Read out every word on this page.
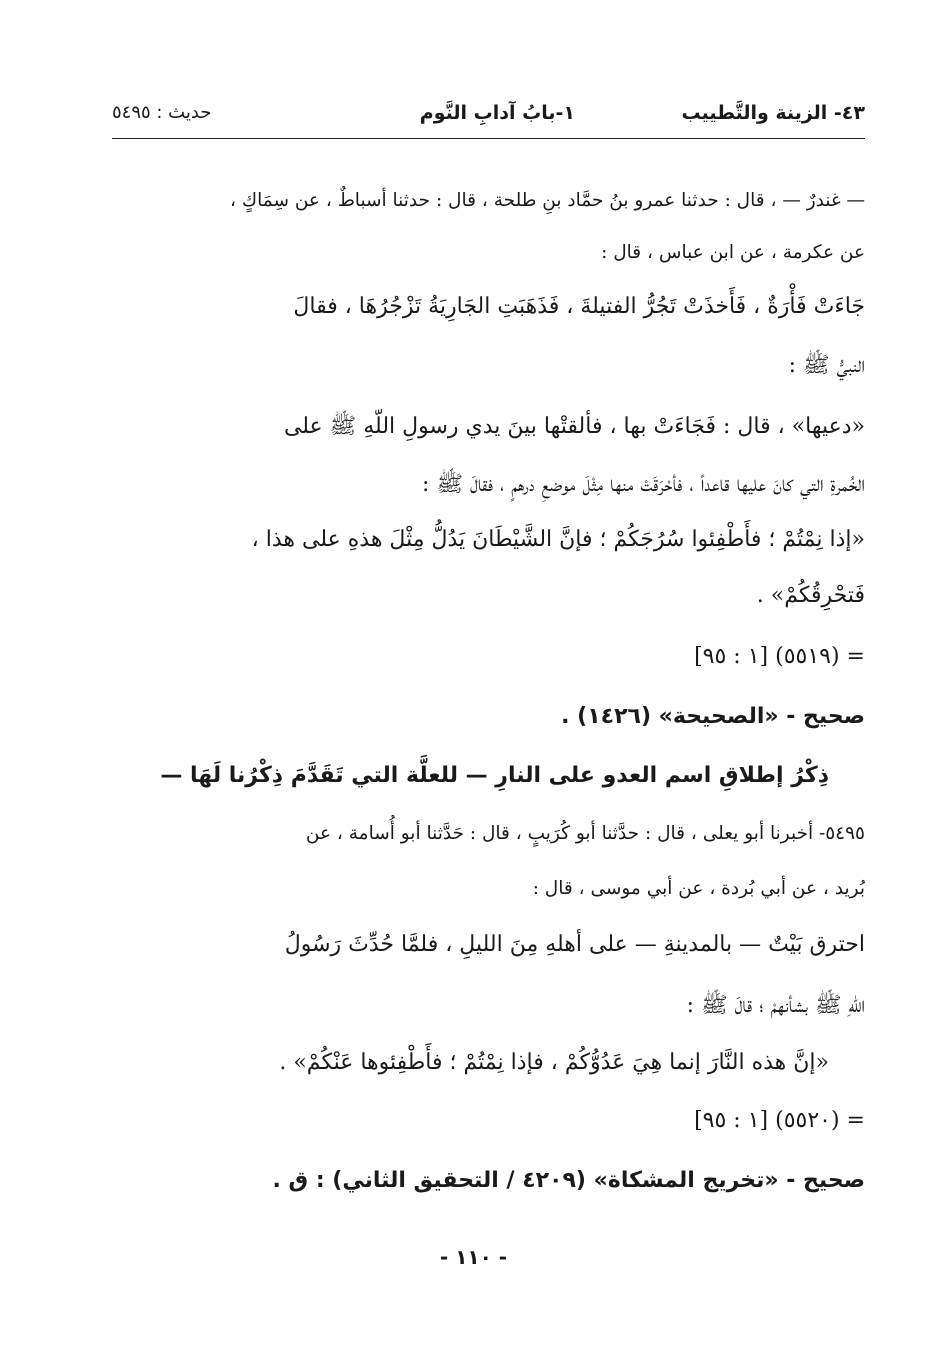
٤٣- الزينة والتَّطييب
١-بابُ آدابِ النَّوم
حديث : ٥٤٩٥
— غندرٌ — ، قال : حدثنا عمرو بنُ حمَّاد بنِ طلحة ، قال : حدثنا أسباطٌ ، عن سِمَاكٍ ،
عن عكرمة ، عن ابن عباس ، قال :
جَاءَتْ فَأْرَةٌ ، فَأَخذَتْ تَجُرُّ الفتيلةَ ، فَذَهَبَتِ الجَارِيَةُ تَزْجُرُهَا ، فقالَ
النبيُّ ﷺ :
«دعيها» ، قال : فَجَاءَتْ بها ، فألقتْها بينَ يدي رسولِ اللّهِ ﷺ على
الخُمرةِ التي كانَ عليها قاعداً ، فأحْرَقَتْ منها مِثْلَ موضعِ درهمٍ ، فقالَ ﷺ :
«إذا نِمْتُمْ ؛ فأَطْفِئوا سُرُجَكُمْ ؛ فإنَّ الشَّيْطَانَ يَدُلُّ مِثْلَ هذهِ على هذا ،
فَتحْرِقُكُمْ» .
= (٥٥١٩) [١ : ٩٥]
صحيح - «الصحيحة» (١٤٢٦) .
ذِكْرُ إطلاقِ اسم العدو على النارِ — للعلَّة التي تَقَدَّمَ ذِكْرُنا لَهَا —
٥٤٩٥- أخبرنا أبو يعلى ، قال : حدَّثنا أبو كُرَيبٍ ، قال : حَدَّثنا أبو أُسامة ، عن
بُريد ، عن أبي بُردة ، عن أبي موسى ، قال :
احترق بَيْتٌ — بالمدينةِ — على أهلهِ مِنَ الليلِ ، فلمَّا حُدِّثَ رَسُولُ
اللّهِ ﷺ بشأنهمْ ؛ قالَ ﷺ :
«إنَّ هذه النَّارَ إنما هِيَ عَدُوُّكُمْ ، فإذا نِمْتُمْ ؛ فأَطْفِئوها عَنْكُمْ» .
= (٥٥٢٠) [١ : ٩٥]
صحيح - «تخريج المشكاة» (٤٢٠٩ / التحقيق الثاني) : ق .
- ١١٠ -
